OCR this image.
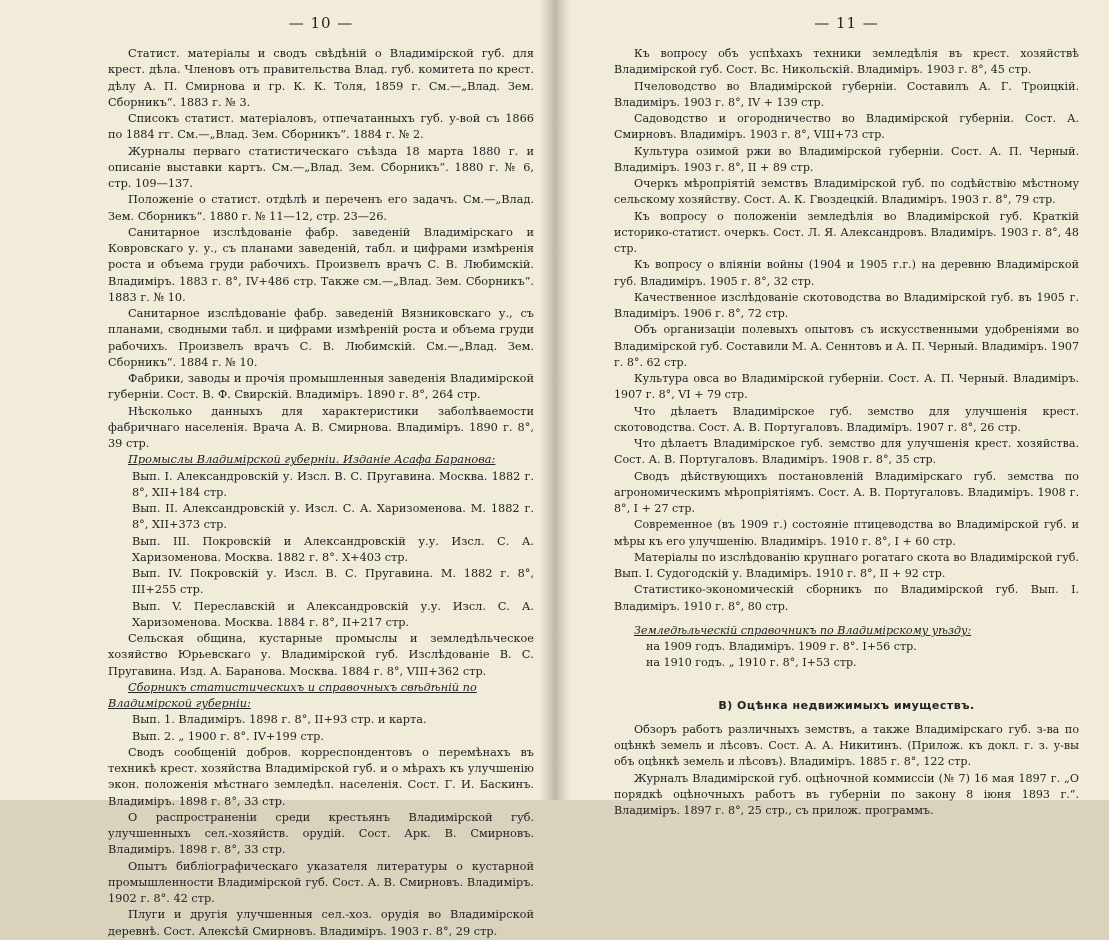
— 10 —

Статист. матеріалы и сводъ свѣдѣній о Владимірской губ. для крест. дѣла. Членовъ отъ правительства Влад. губ. комитета по крест. дѣлу А. П. Смирнова и гр. К. К. Толя, 1859 г. См.—„Влад. Зем. Сборникъ“. 1883 г. № 3.

Списокъ статист. матеріаловъ, отпечатанныхъ губ. у-вой съ 1866 по 1884 гг. См.—„Влад. Зем. Сборникъ“. 1884 г. № 2.

Журналы перваго статистическаго съѣзда 18 марта 1880 г. и описаніе выставки картъ. См.—„Влад. Зем. Сборникъ“. 1880 г. № 6, стр. 109—137.

Положеніе о статист. отдѣлѣ и переченъ его задачъ. См.—„Влад. Зем. Сборникъ“. 1880 г. № 11—12, стр. 23—26.

Санитарное изслѣдованіе фабр. заведеній Владимірскаго и Ковровскаго у. у., съ планами заведеній, табл. и цифрами измѣренія роста и объема груди рабочихъ. Произвелъ врачъ С. В. Любимскій. Владиміръ. 1883 г. 8°, IV+486 стр. Также см.—„Влад. Зем. Сборникъ“. 1883 г. № 10.

Санитарное изслѣдованіе фабр. заведеній Вязниковскаго у., съ планами, сводными табл. и цифрами измѣреній роста и объема груди рабочихъ. Произвелъ врачъ С. В. Любимскій. См.—„Влад. Зем. Сборникъ“. 1884 г. № 10.

Фабрики, заводы и прочія промышленныя заведенія Владимірской губерніи. Сост. В. Ф. Свирскій. Владиміръ. 1890 г. 8°, 264 стр.

Нѣсколько данныхъ для характеристики заболѣваемости фабричнаго населенія. Врача А. В. Смирнова. Владиміръ. 1890 г. 8°, 39 стр.

Промыслы Владимірской губерніи. Изданіе Асафа Баранова:

Вып. I. Александровскій у. Изсл. В. С. Пругавина. Москва. 1882 г. 8°, XII+184 стр.

Вып. II. Александровскій у. Изсл. С. А. Харизоменова. М. 1882 г. 8°, XII+373 стр.

Вып. III. Покровскій и Александровскій у.у. Изсл. С. А. Харизоменова. Москва. 1882 г. 8°. X+403 стр.

Вып. IV. Покровскій у. Изсл. В. С. Пругавина. М. 1882 г. 8°, III+255 стр.

Вып. V. Переславскій и Александровскій у.у. Изсл. С. А. Харизоменова. Москва. 1884 г. 8°, II+217 стр.

Сельская община, кустарные промыслы и земледѣльческое хозяйство Юрьевскаго у. Владимірской губ. Изслѣдованіе В. С. Пругавина. Изд. А. Баранова. Москва. 1884 г. 8°, VIII+362 стр.

Сборникъ статистическихъ и справочныхъ свѣдѣній по Владимірской губерніи:

Вып. 1. Владиміръ. 1898 г. 8°, II+93 стр. и карта.

Вып. 2. „ 1900 г. 8°. IV+199 стр.

Сводъ сообщеній добров. корреспондентовъ о перемѣнахъ въ техникѣ крест. хозяйства Владимірской губ. и о мѣрахъ къ улучшенію экон. положенія мѣстнаго земледѣл. населенія. Сост. Г. И. Баскинъ. Владиміръ. 1898 г. 8°, 33 стр.

О распространеніи среди крестьянъ Владимірской губ. улучшенныхъ сел.-хозяйств. орудій. Сост. Арк. В. Смирновъ. Владиміръ. 1898 г. 8°, 33 стр.

Опытъ библіографическаго указателя литературы о кустарной промышленности Владимірской губ. Сост. А. В. Смирновъ. Владиміръ. 1902 г. 8°. 42 стр.

Плуги и другія улучшенныя сел.-хоз. орудія во Владимірской деревнѣ. Сост. Алексѣй Смирновъ. Владиміръ. 1903 г. 8°, 29 стр.

— 11 —

Къ вопросу объ успѣхахъ техники земледѣлія въ крест. хозяйствѣ Владимірской губ. Сост. Вс. Никольскій. Владиміръ. 1903 г. 8°, 45 стр.

Пчеловодство во Владимірской губерніи. Составилъ А. Г. Троицкій. Владиміръ. 1903 г. 8°, IV + 139 стр.

Садоводство и огородничество во Владимірской губерніи. Сост. А. Смирновъ. Владиміръ. 1903 г. 8°, VIII+73 стр.

Культура озимой ржи во Владимірской губерніи. Сост. А. П. Черный. Владиміръ. 1903 г. 8°, II + 89 стр.

Очеркъ мѣропріятій земствъ Владимірской губ. по содѣйствію мѣстному сельскому хозяйству. Сост. А. К. Гвоздецкій. Владиміръ. 1903 г. 8°, 79 стр.

Къ вопросу о положеніи земледѣлія во Владимірской губ. Краткій историко-статист. очеркъ. Сост. Л. Я. Александровъ. Владиміръ. 1903 г. 8°, 48 стр.

Къ вопросу о вліяніи войны (1904 и 1905 г.г.) на деревню Владимірской губ. Владиміръ. 1905 г. 8°, 32 стр.

Качественное изслѣдованіе скотоводства во Владимірской губ. въ 1905 г. Владиміръ. 1906 г. 8°, 72 стр.

Объ организаціи полевыхъ опытовъ съ искусственными удобреніями во Владимірской губ. Составили М. А. Сеннтовъ и А. П. Черный. Владиміръ. 1907 г. 8°. 62 стр.

Культура овса во Владимірской губерніи. Сост. А. П. Черный. Владиміръ. 1907 г. 8°, VI + 79 стр.

Что дѣлаетъ Владимірское губ. земство для улучшенія крест. скотоводства. Сост. А. В. Португаловъ. Владиміръ. 1907 г. 8°, 26 стр.

Что дѣлаетъ Владимірское губ. земство для улучшенія крест. хозяйства. Сост. А. В. Португаловъ. Владиміръ. 1908 г. 8°, 35 стр.

Сводъ дѣйствующихъ постановленій Владимірскаго губ. земства по агрономическимъ мѣропріятіямъ. Сост. А. В. Португаловъ. Владиміръ. 1908 г. 8°, I + 27 стр.

Современное (въ 1909 г.) состояніе птицеводства во Владимірской губ. и мѣры къ его улучшенію. Владиміръ. 1910 г. 8°, I + 60 стр.

Матеріалы по изслѣдованію крупнаго рогатаго скота во Владимірской губ. Вып. I. Судогодскій у. Владиміръ. 1910 г. 8°, II + 92 стр.

Статистико-экономическій сборникъ по Владимірской губ. Вып. I. Владиміръ. 1910 г. 8°, 80 стр.

Земледѣльческій справочникъ по Владимірскому уѣзду:

на 1909 годъ. Владиміръ. 1909 г. 8°. I+56 стр.

на 1910 годъ. „ 1910 г. 8°, I+53 стр.

В) Оцѣнка недвижимыхъ имуществъ.

Обзоръ работъ различныхъ земствъ, а также Владимірскаго губ. з-ва по оцѣнкѣ земель и лѣсовъ. Сост. А. А. Никитинъ. (Прилож. къ докл. г. з. у-вы объ оцѣнкѣ земель и лѣсовъ). Владиміръ. 1885 г. 8°, 122 стр.

Журналъ Владимірской губ. оцѣночной коммиссіи (№ 7) 16 мая 1897 г. „О порядкѣ оцѣночныхъ работъ въ губерніи по закону 8 іюня 1893 г.“. Владиміръ. 1897 г. 8°, 25 стр., съ прилож. программъ.
